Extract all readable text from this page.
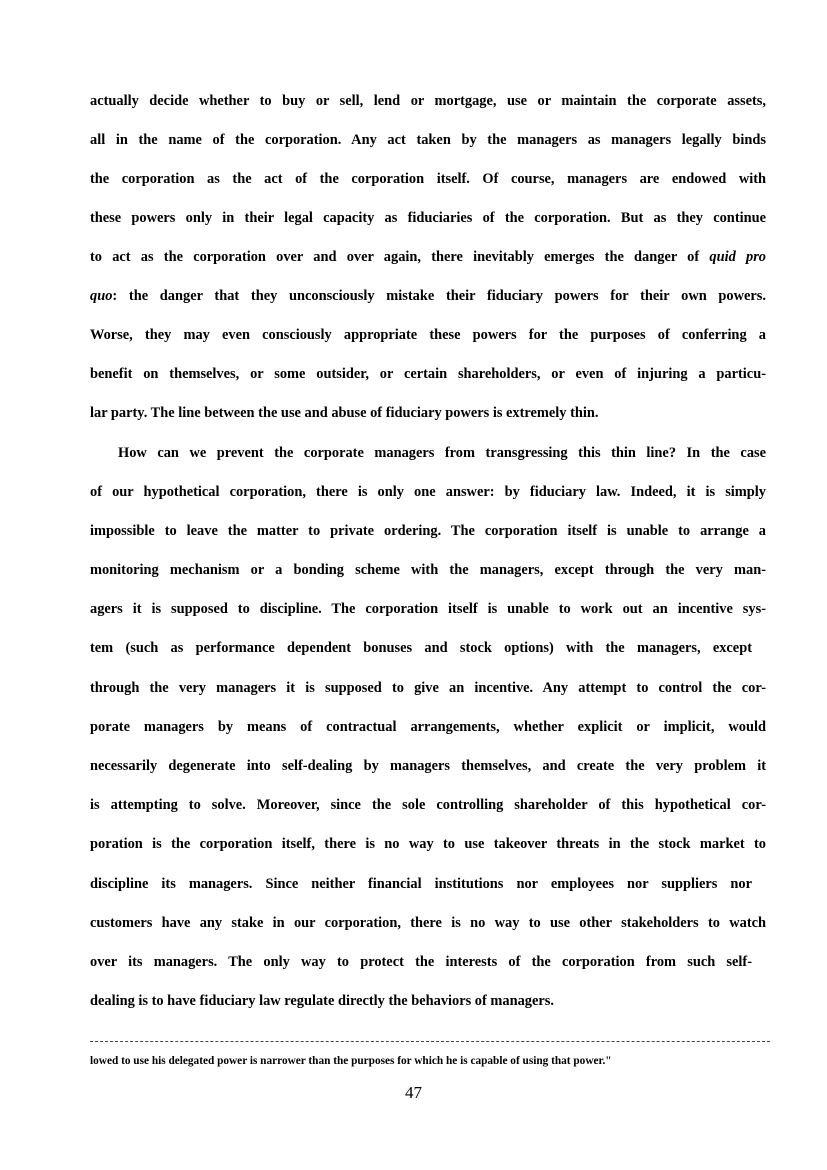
actually decide whether to buy or sell, lend or mortgage, use or maintain the corporate assets,
all in the name of the corporation. Any act taken by the managers as managers legally binds
the corporation as the act of the corporation itself. Of course, managers are endowed with
these powers only in their legal capacity as fiduciaries of the corporation. But as they continue
to act as the corporation over and over again, there inevitably emerges the danger of quid pro
quo: the danger that they unconsciously mistake their fiduciary powers for their own powers.
Worse, they may even consciously appropriate these powers for the purposes of conferring a
benefit on themselves, or some outsider, or certain shareholders, or even of injuring a particu-
lar party. The line between the use and abuse of fiduciary powers is extremely thin.
How can we prevent the corporate managers from transgressing this thin line? In the case
of our hypothetical corporation, there is only one answer: by fiduciary law. Indeed, it is simply
impossible to leave the matter to private ordering. The corporation itself is unable to arrange a
monitoring mechanism or a bonding scheme with the managers, except through the very man-
agers it is supposed to discipline. The corporation itself is unable to work out an incentive sys-
tem (such as performance dependent bonuses and stock options) with the managers, except
through the very managers it is supposed to give an incentive. Any attempt to control the cor-
porate managers by means of contractual arrangements, whether explicit or implicit, would
necessarily degenerate into self-dealing by managers themselves, and create the very problem it
is attempting to solve. Moreover, since the sole controlling shareholder of this hypothetical cor-
poration is the corporation itself, there is no way to use takeover threats in the stock market to
discipline its managers. Since neither financial institutions nor employees nor suppliers nor
customers have any stake in our corporation, there is no way to use other stakeholders to watch
over its managers. The only way to protect the interests of the corporation from such self-
dealing is to have fiduciary law regulate directly the behaviors of managers.
lowed to use his delegated power is narrower than the purposes for which he is capable of using that power."
47
